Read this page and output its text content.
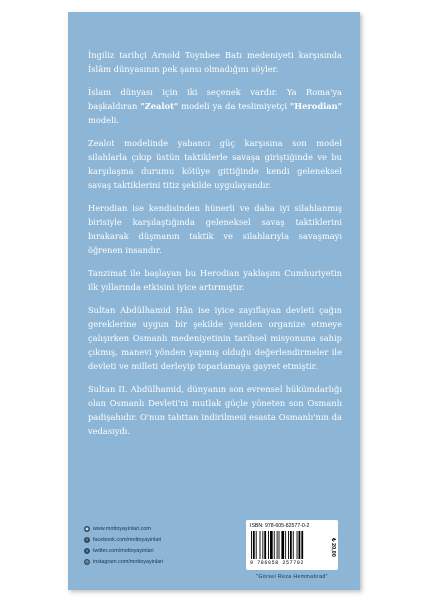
İngiliz tarihçi Arnold Toynbee Batı medeniyeti karşısında İslâm dünyasının pek şansı olmadığını söyler.

İslam dünyası için iki seçenek vardır. Ya Roma'ya başkaldıran "Zealot" modeli ya da teslimiyetçi "Herodian" modeli.

Zealot modelinde yabancı güç karşısına son model silahlarla çıkıp üstün taktiklerle savaşa giriştiğinde ve bu karşılaşma durumu kötüye gittiğinde kendi geleneksel savaş taktiklerini titiz şekilde uygulayandır.

Herodian ise kendisinden hünerli ve daha iyi silahlanmış birisiyle karşılaştığında geleneksel savaş taktiklerini bırakarak düşmanın taktik ve silahlarıyla savaşmayı öğrenen insandır.

Tanzimat ile başlayan bu Herodian yaklaşım Cumhuriyetin ilk yıllarında etkisini iyice artırmıştır.

Sultan Abdülhamid Hân ise iyice zayıflayan devleti çağın gereklerine uygun bir şekilde yeniden organize etmeye çalışırken Osmanlı medeniyetinin tarihsel misyonuna sahip çıkmış, manevi yönden yapmış olduğu değerlendirmeler ile devleti ve milleti derleyip toparlamaya gayret etmiştir.

Sultan II. Abdülhamid, dünyanın son evrensel hükümdarlığı olan Osmanlı Devleti'ni mutlak güçle yöneten son Osmanlı padişahıdır. O'nun tahttan indirilmesi esasta Osmanlı'nın da vedasıydı.

◉ www.mottoyayinlari.com
f	facebook.com/mottoyayinlari
t	twitter.com/mottoyayinlari
◎ instagram.com/mottoyayinlari
ISBN: 978-605-82577-0-2
9 786058 257702
₺ 20,00
"Görsel Reza Hemmatirad"
